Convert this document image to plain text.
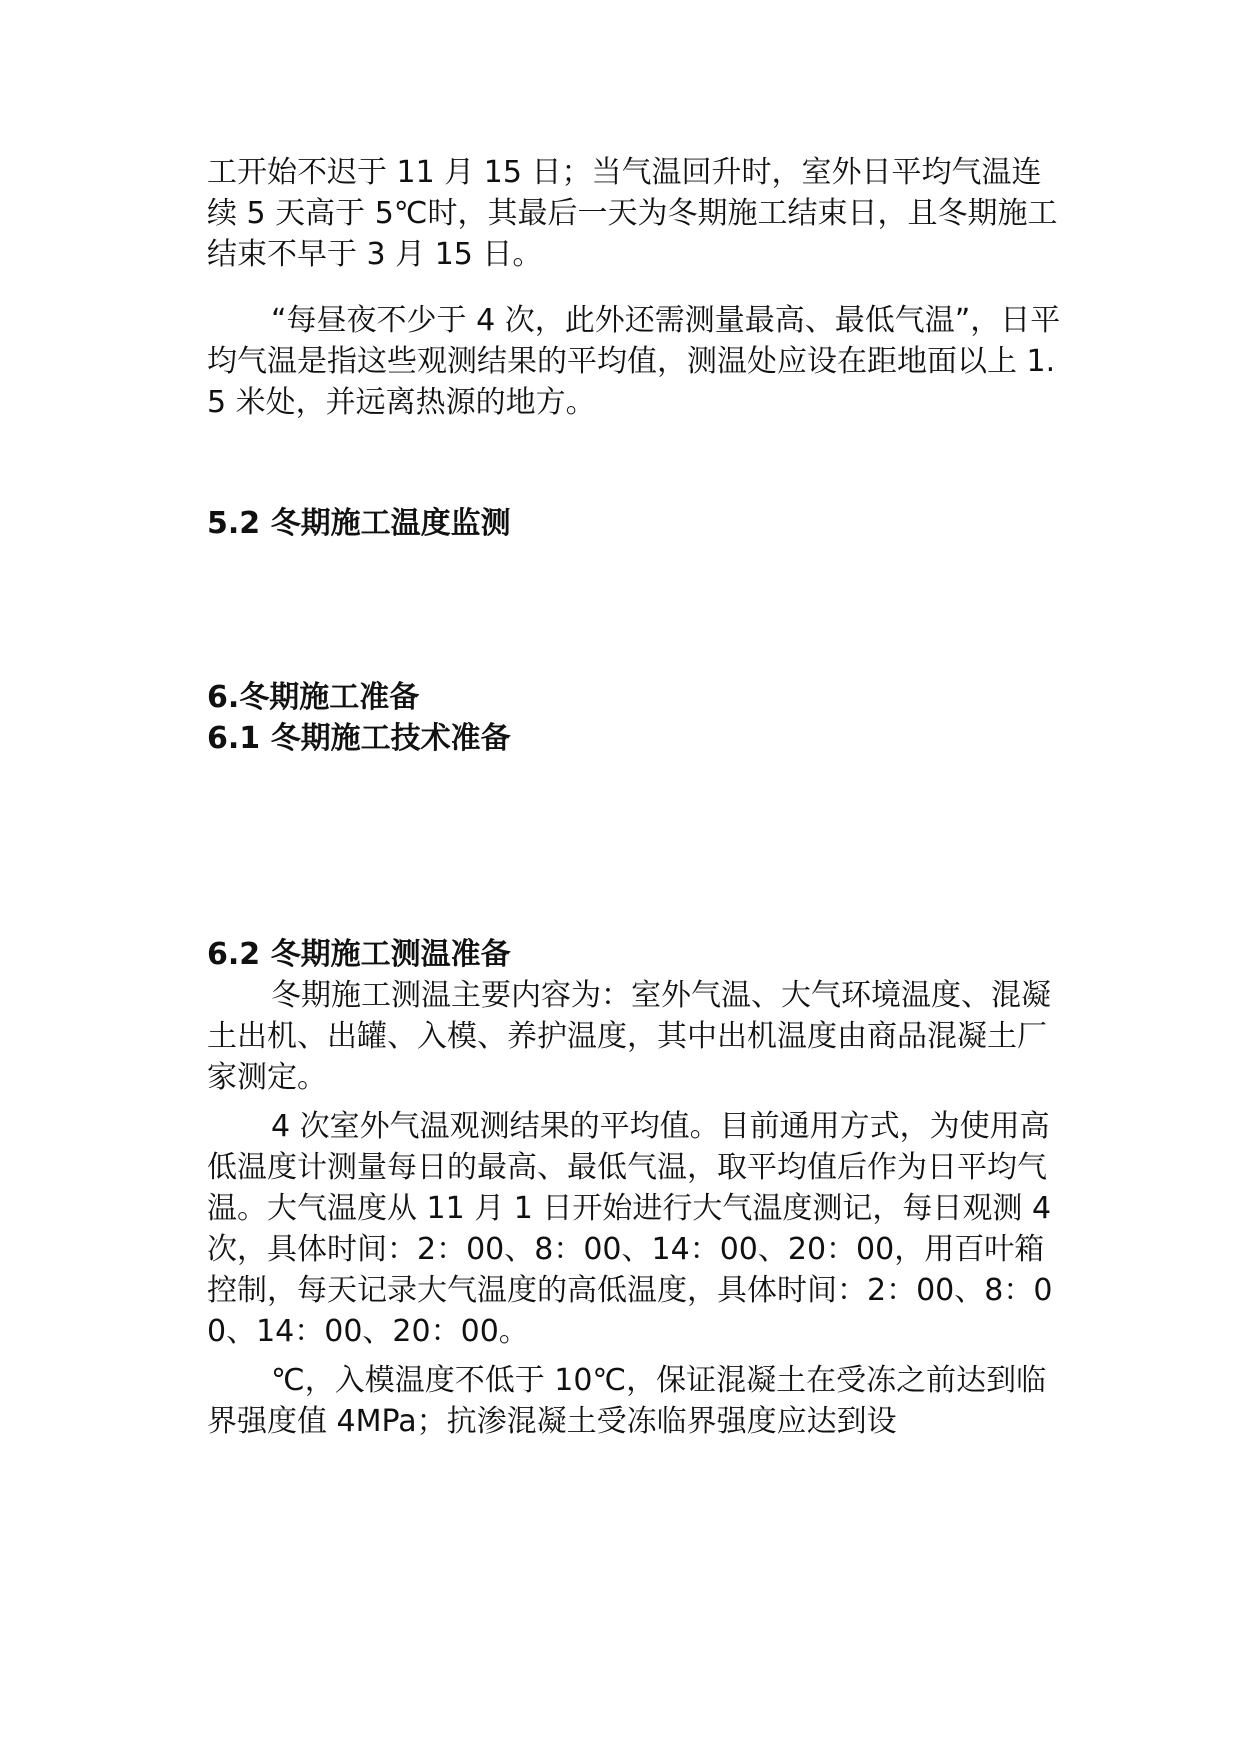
工开始不迟于 11 月 15 日；当气温回升时，室外日平均气温连续 5 天高于 5℃时，其最后一天为冬期施工结束日，且冬期施工结束不早于 3 月 15 日。

“每昼夜不少于 4 次，此外还需测量最高、最低气温”，日平均气温是指这些观测结果的平均值，测温处应设在距地面以上 1.5 米处，并远离热源的地方。

5.2 冬期施工温度监测

6.冬期施工准备

6.1 冬期施工技术准备

6.2 冬期施工测温准备

冬期施工测温主要内容为：室外气温、大气环境温度、混凝土出机、出罐、入模、养护温度，其中出机温度由商品混凝土厂家测定。

4 次室外气温观测结果的平均值。目前通用方式，为使用高低温度计测量每日的最高、最低气温，取平均值后作为日平均气温。大气温度从 11 月 1 日开始进行大气温度测记，每日观测 4 次，具体时间：2：00、8：00、14：00、20：00，用百叶箱控制，每天记录大气温度的高低温度，具体时间：2：00、8：00、14：00、20：00。

℃，入模温度不低于 10℃，保证混凝土在受冻之前达到临界强度值 4MPa；抗渗混凝土受冻临界强度应达到设
